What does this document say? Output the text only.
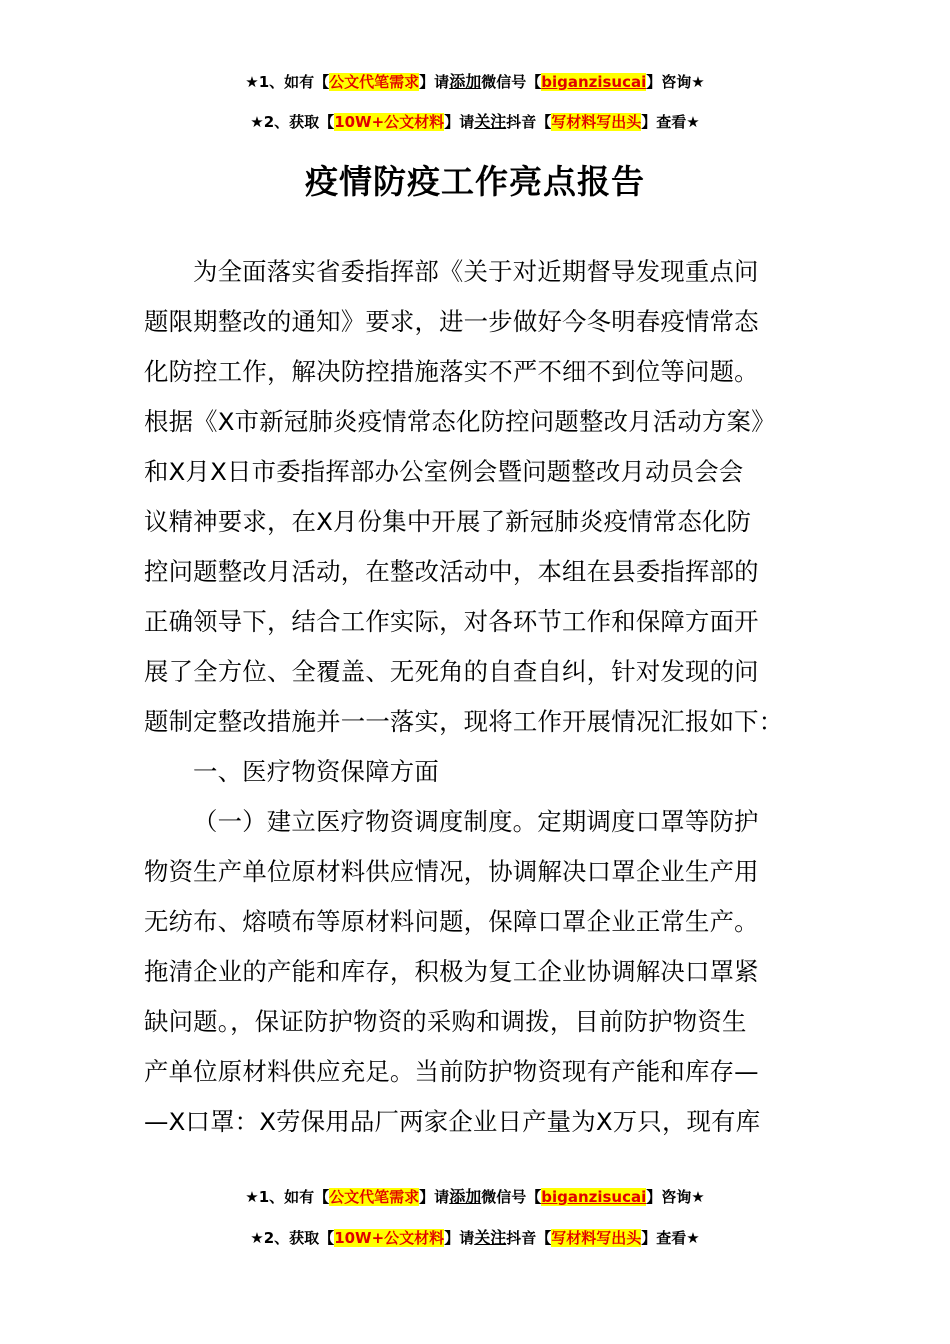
★1、如有【公文代笔需求】请添加微信号【biganzisucai】咨询★
★2、获取【10W+公文材料】请关注抖音【写材料写出头】查看★
疫情防疫工作亮点报告
为全面落实省委指挥部《关于对近期督导发现重点问
题限期整改的通知》要求，进一步做好今冬明春疫情常态
化防控工作，解决防控措施落实不严不细不到位等问题。
根据《X市新冠肺炎疫情常态化防控问题整改月活动方案》
和X月X日市委指挥部办公室例会暨问题整改月动员会会
议精神要求，在X月份集中开展了新冠肺炎疫情常态化防
控问题整改月活动，在整改活动中，本组在县委指挥部的
正确领导下，结合工作实际，对各环节工作和保障方面开
展了全方位、全覆盖、无死角的自查自纠，针对发现的问
题制定整改措施并一一落实，现将工作开展情况汇报如下：
一、医疗物资保障方面
（一）建立医疗物资调度制度。定期调度口罩等防护
物资生产单位原材料供应情况，协调解决口罩企业生产用
无纺布、熔喷布等原材料问题，保障口罩企业正常生产。
拖清企业的产能和库存，积极为复工企业协调解决口罩紧
缺问题。，保证防护物资的采购和调拨，目前防护物资生
产单位原材料供应充足。当前防护物资现有产能和库存—
—X口罩：X劳保用品厂两家企业日产量为X万只，现有库
★1、如有【公文代笔需求】请添加微信号【biganzisucai】咨询★
★2、获取【10W+公文材料】请关注抖音【写材料写出头】查看★
